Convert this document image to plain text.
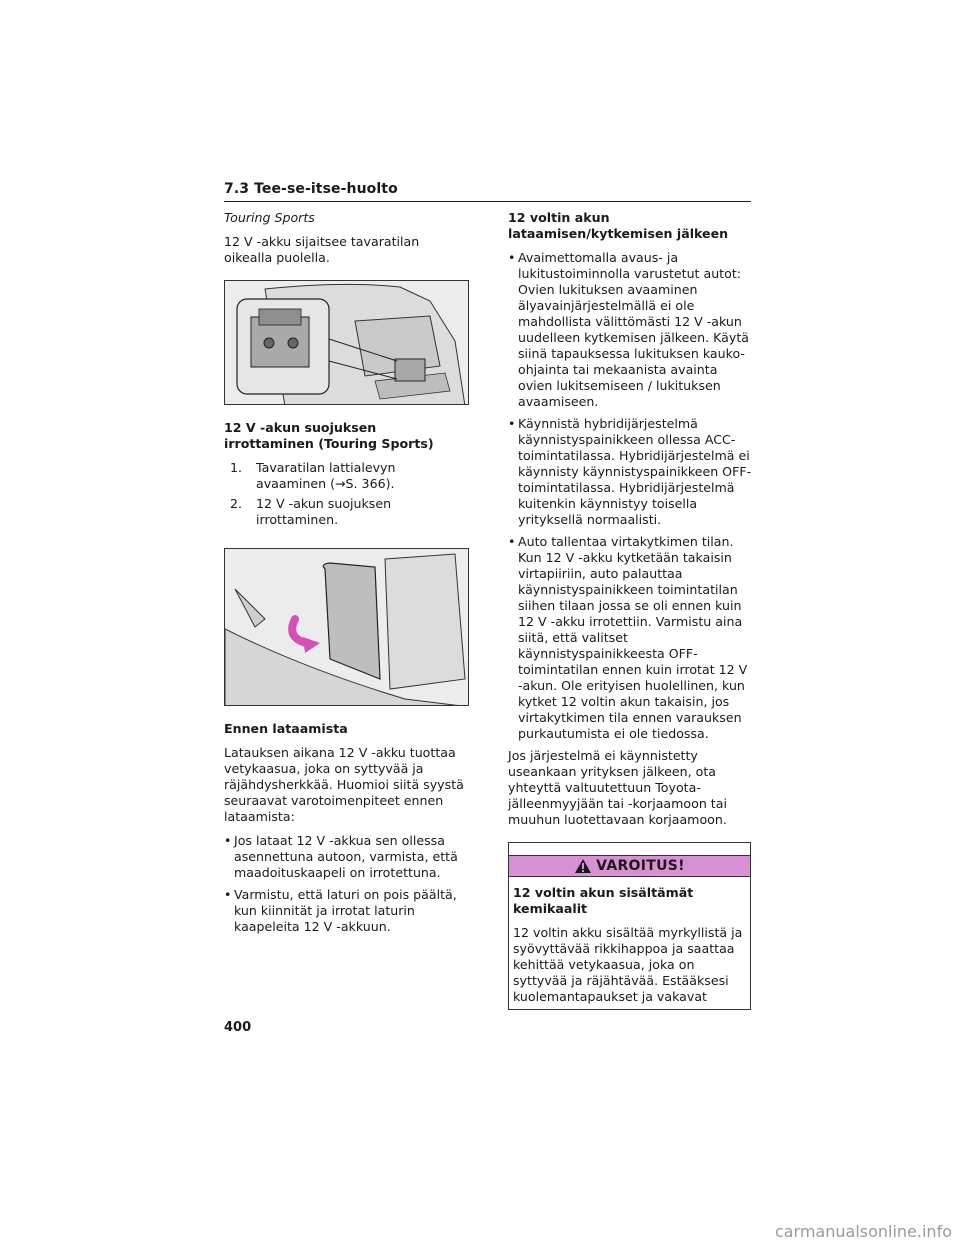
7.3 Tee-se-itse-huolto
Touring Sports
12 V -akku sijaitsee tavaratilan oikealla puolella.
12 V -akun suojuksen irrottaminen (Touring Sports)
1. Tavaratilan lattialevyn avaaminen (→S. 366).
2. 12 V -akun suojuksen irrottaminen.
Ennen lataamista
Latauksen aikana 12 V -akku tuottaa vetykaasua, joka on syttyvää ja räjähdysherkkää. Huomioi siitä syystä seuraavat varotoimenpiteet ennen lataamista:
• Jos lataat 12 V -akkua sen ollessa asennettuna autoon, varmista, että maadoituskaapeli on irrotettuna.
• Varmistu, että laturi on pois päältä, kun kiinnität ja irrotat laturin kaapeleita 12 V -akkuun.
12 voltin akun lataamisen/kytkemisen jälkeen
• Avaimettomalla avaus- ja lukitustoiminnolla varustetut autot: Ovien lukituksen avaaminen älyavainjärjestelmällä ei ole mahdollista välittömästi 12 V -akun uudelleen kytkemisen jälkeen. Käytä siinä tapauksessa lukituksen kauko-ohjainta tai mekaanista avainta ovien lukitsemiseen / lukituksen avaamiseen.
• Käynnistä hybridijärjestelmä käynnistyspainikkeen ollessa ACC-toimintatilassa. Hybridijärjestelmä ei käynnisty käynnistyspainikkeen OFF-toimintatilassa. Hybridijärjestelmä kuitenkin käynnistyy toisella yrityksellä normaalisti.
• Auto tallentaa virtakytkimen tilan. Kun 12 V -akku kytketään takaisin virtapiiriin, auto palauttaa käynnistyspainikkeen toimintatilan siihen tilaan jossa se oli ennen kuin 12 V -akku irrotettiin. Varmistu aina siitä, että valitset käynnistyspainikkeesta OFF-toimintatilan ennen kuin irrotat 12 V -akun. Ole erityisen huolellinen, kun kytket 12 voltin akun takaisin, jos virtakytkimen tila ennen varauksen purkautumista ei ole tiedossa.
Jos järjestelmä ei käynnistetty useankaan yrityksen jälkeen, ota yhteyttä valtuutettuun Toyota-jälleenmyyjään tai -korjaamoon tai muuhun luotettavaan korjaamoon.
VAROITUS!
12 voltin akun sisältämät kemikaalit
12 voltin akku sisältää myrkyllistä ja syövyttävää rikkihappoa ja saattaa kehittää vetykaasua, joka on syttyvää ja räjähtävää. Estääksesi kuolemantapaukset ja vakavat
400
carmanualsonline.info
